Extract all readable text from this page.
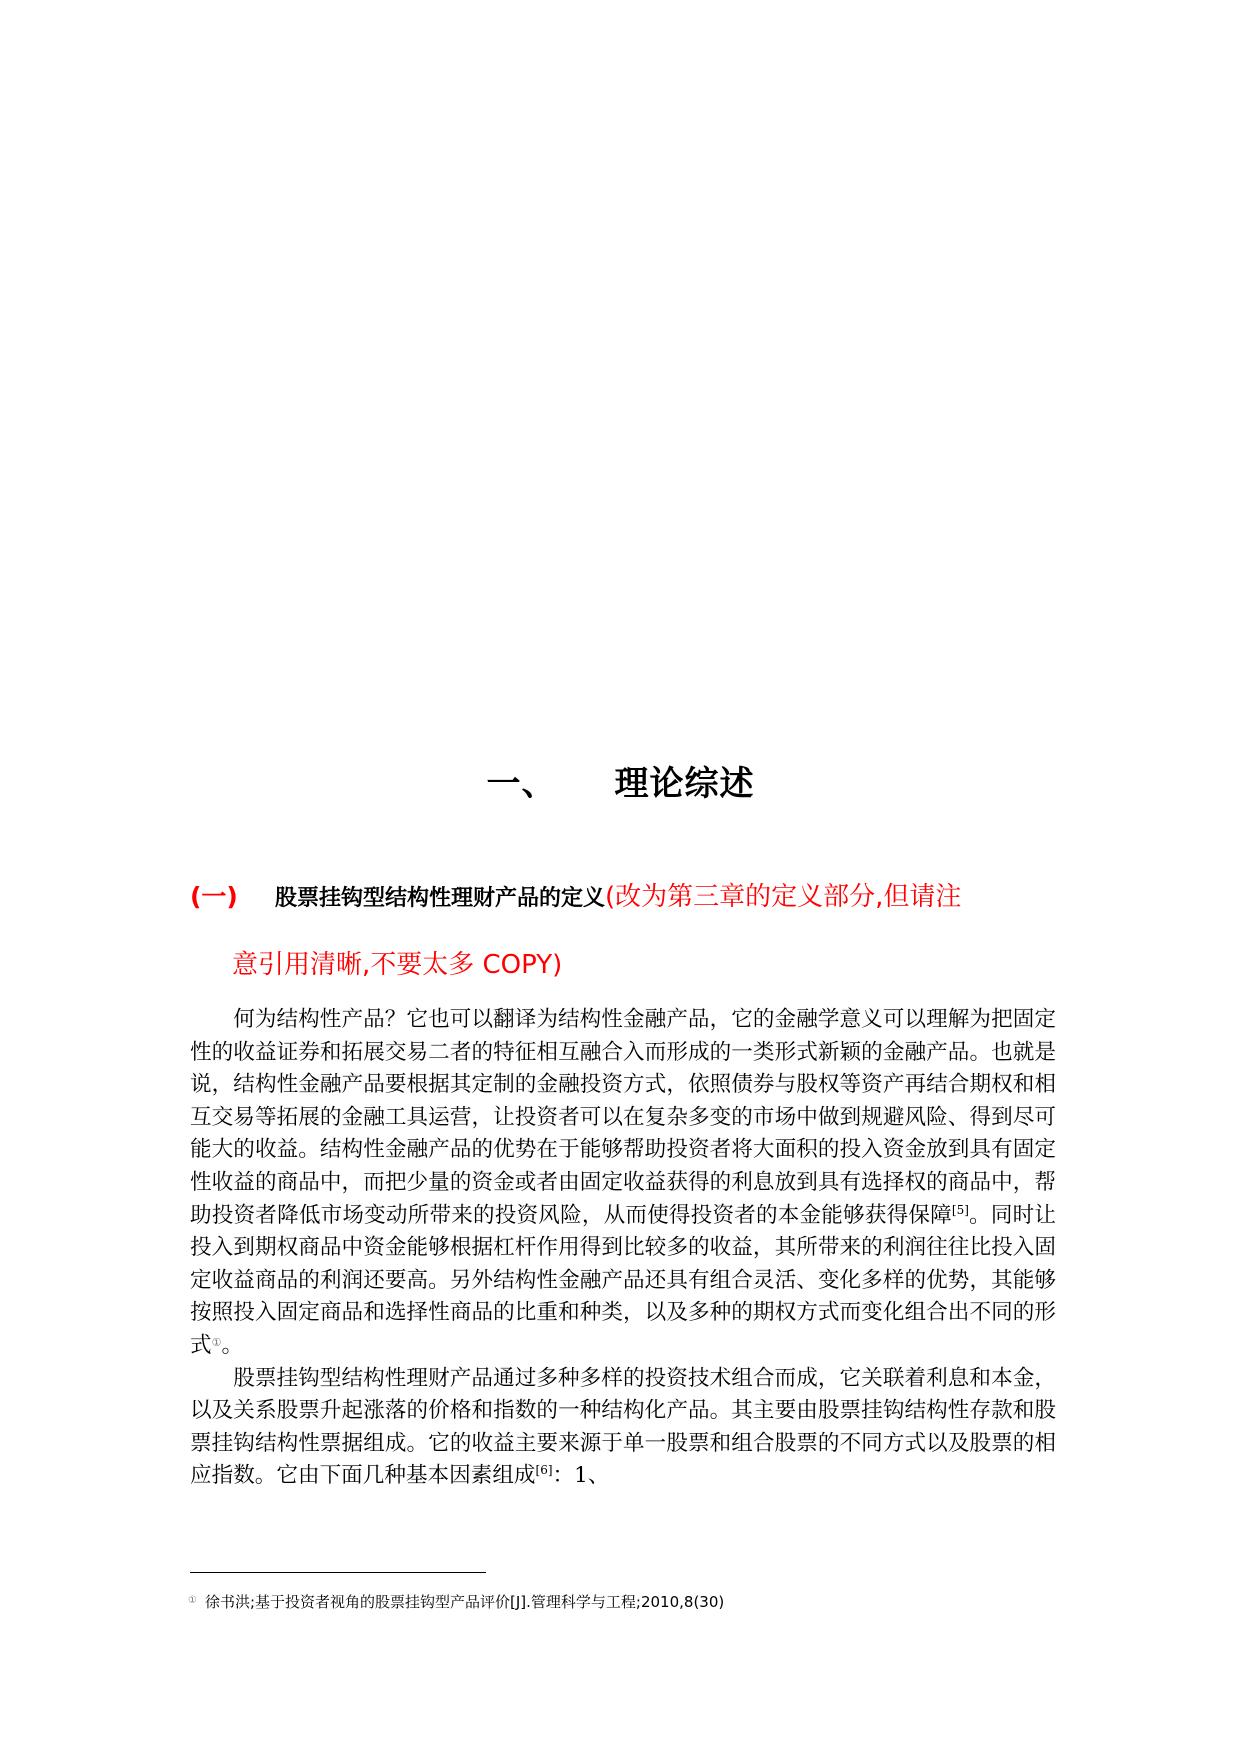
一、 理论综述
(一) 股票挂钩型结构性理财产品的定义(改为第三章的定义部分,但请注
意引用清晰,不要太多 COPY)

何为结构性产品？它也可以翻译为结构性金融产品，它的金融学意义可以理解为把固定性的收益证券和拓展交易二者的特征相互融合入而形成的一类形式新颖的金融产品。也就是说，结构性金融产品要根据其定制的金融投资方式，依照债券与股权等资产再结合期权和相互交易等拓展的金融工具运营，让投资者可以在复杂多变的市场中做到规避风险、得到尽可能大的收益。结构性金融产品的优势在于能够帮助投资者将大面积的投入资金放到具有固定性收益的商品中，而把少量的资金或者由固定收益获得的利息放到具有选择权的商品中，帮助投资者降低市场变动所带来的投资风险，从而使得投资者的本金能够获得保障[5]。同时让投入到期权商品中资金能够根据杠杆作用得到比较多的收益，其所带来的利润往往比投入固定收益商品的利润还要高。另外结构性金融产品还具有组合灵活、变化多样的优势，其能够按照投入固定商品和选择性商品的比重和种类，以及多种的期权方式而变化组合出不同的形式①。

股票挂钩型结构性理财产品通过多种多样的投资技术组合而成，它关联着利息和本金，以及关系股票升起涨落的价格和指数的一种结构化产品。其主要由股票挂钩结构性存款和股票挂钩结构性票据组成。它的收益主要来源于单一股票和组合股票的不同方式以及股票的相应指数。它由下面几种基本因素组成[6]：1、

① 徐书洪;基于投资者视角的股票挂钩型产品评价[J].管理科学与工程;2010,8(30)
